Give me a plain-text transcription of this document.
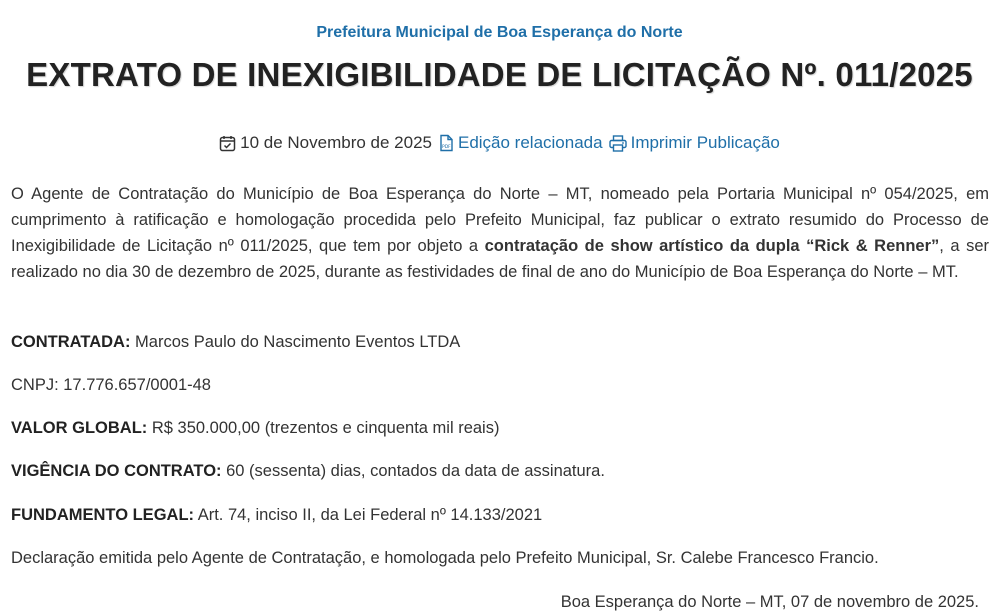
Prefeitura Municipal de Boa Esperança do Norte
EXTRATO DE INEXIGIBILIDADE DE LICITAÇÃO Nº. 011/2025
10 de Novembro de 2025 PDF Edição relacionada Imprimir Publicação

O Agente de Contratação do Município de Boa Esperança do Norte – MT, nomeado pela Portaria Municipal nº 054/2025, em cumprimento à ratificação e homologação procedida pelo Prefeito Municipal, faz publicar o extrato resumido do Processo de Inexigibilidade de Licitação nº 011/2025, que tem por objeto a contratação de show artístico da dupla “Rick & Renner”, a ser realizado no dia 30 de dezembro de 2025, durante as festividades de final de ano do Município de Boa Esperança do Norte – MT.

CONTRATADA: Marcos Paulo do Nascimento Eventos LTDA

CNPJ: 17.776.657/0001-48

VALOR GLOBAL: R$ 350.000,00 (trezentos e cinquenta mil reais)

VIGÊNCIA DO CONTRATO: 60 (sessenta) dias, contados da data de assinatura.

FUNDAMENTO LEGAL: Art. 74, inciso II, da Lei Federal nº 14.133/2021

Declaração emitida pelo Agente de Contratação, e homologada pelo Prefeito Municipal, Sr. Calebe Francesco Francio.

Boa Esperança do Norte – MT, 07 de novembro de 2025.
